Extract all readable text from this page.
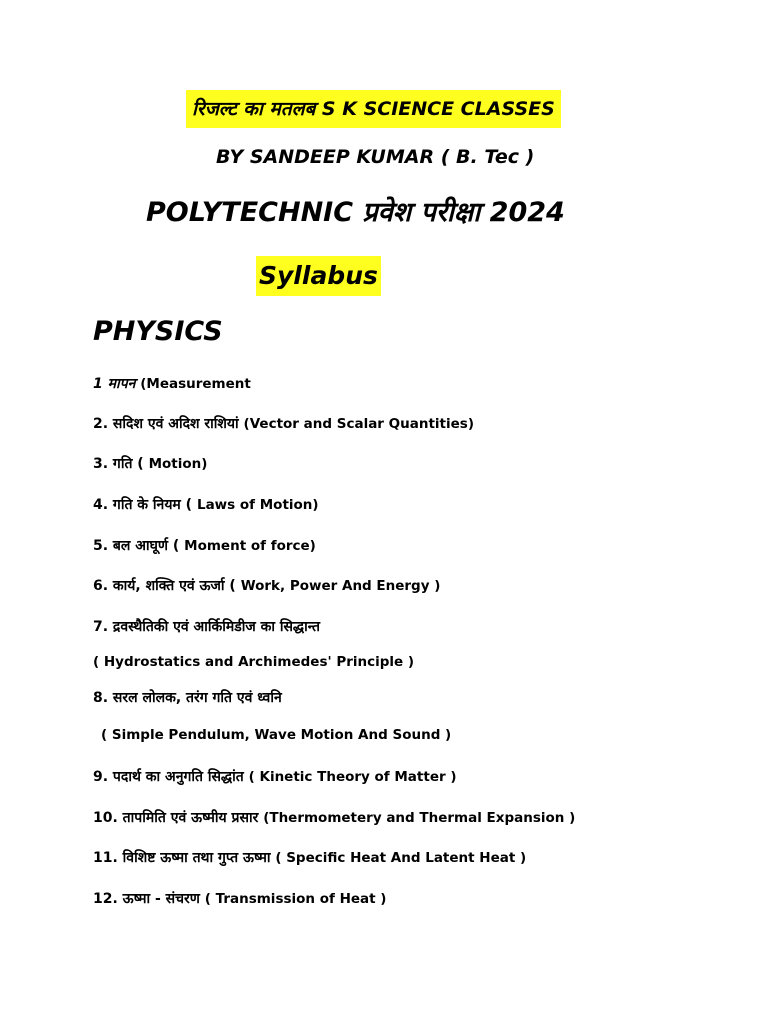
रिजल्ट का मतलब S K SCIENCE CLASSES
BY SANDEEP KUMAR ( B. Tec )
POLYTECHNIC प्रवेश परीक्षा 2024
Syllabus
PHYSICS
1 मापन (Measurement
2. सदिश एवं अदिश राशियां (Vector and Scalar Quantities)
3. गति ( Motion)
4. गति के नियम ( Laws of Motion)
5. बल आघूर्ण ( Moment of force)
6. कार्य, शक्ति एवं ऊर्जा ( Work, Power And Energy )
7. द्रवस्थैतिकी एवं आर्किमिडीज का सिद्धान्त
( Hydrostatics and Archimedes' Principle )
8. सरल लोलक, तरंग गति एवं ध्वनि
( Simple Pendulum, Wave Motion And Sound )
9. पदार्थ का अनुगति सिद्धांत ( Kinetic Theory of Matter )
10. तापमिति एवं ऊष्मीय प्रसार (Thermometery and Thermal Expansion )
11. विशिष्ट ऊष्मा तथा गुप्त ऊष्मा ( Specific Heat And Latent Heat )
12. ऊष्मा - संचरण ( Transmission of Heat )
